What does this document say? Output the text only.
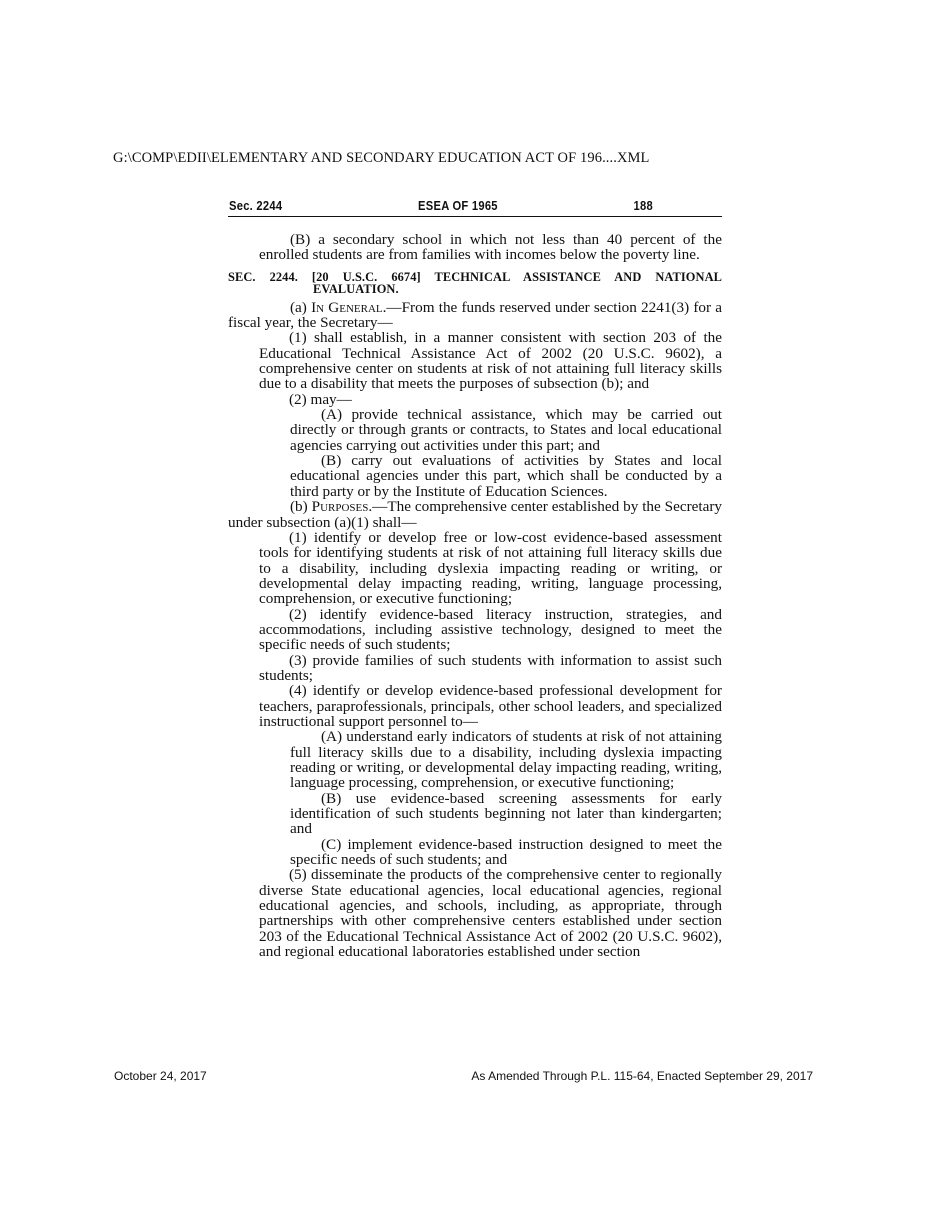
G:\COMP\EDII\ELEMENTARY AND SECONDARY EDUCATION ACT OF 196....XML
Sec. 2244	ESEA OF 1965	188

(B) a secondary school in which not less than 40 percent of the enrolled students are from families with incomes below the poverty line.

SEC. 2244. [20 U.S.C. 6674] TECHNICAL ASSISTANCE AND NATIONAL EVALUATION.

(a) In General.—From the funds reserved under section 2241(3) for a fiscal year, the Secretary—

(1) shall establish, in a manner consistent with section 203 of the Educational Technical Assistance Act of 2002 (20 U.S.C. 9602), a comprehensive center on students at risk of not attaining full literacy skills due to a disability that meets the purposes of subsection (b); and

(2) may—

(A) provide technical assistance, which may be carried out directly or through grants or contracts, to States and local educational agencies carrying out activities under this part; and

(B) carry out evaluations of activities by States and local educational agencies under this part, which shall be conducted by a third party or by the Institute of Education Sciences.

(b) Purposes.—The comprehensive center established by the Secretary under subsection (a)(1) shall—

(1) identify or develop free or low-cost evidence-based assessment tools for identifying students at risk of not attaining full literacy skills due to a disability, including dyslexia impacting reading or writing, or developmental delay impacting reading, writing, language processing, comprehension, or executive functioning;

(2) identify evidence-based literacy instruction, strategies, and accommodations, including assistive technology, designed to meet the specific needs of such students;

(3) provide families of such students with information to assist such students;

(4) identify or develop evidence-based professional development for teachers, paraprofessionals, principals, other school leaders, and specialized instructional support personnel to—

(A) understand early indicators of students at risk of not attaining full literacy skills due to a disability, including dyslexia impacting reading or writing, or developmental delay impacting reading, writing, language processing, comprehension, or executive functioning;

(B) use evidence-based screening assessments for early identification of such students beginning not later than kindergarten; and

(C) implement evidence-based instruction designed to meet the specific needs of such students; and

(5) disseminate the products of the comprehensive center to regionally diverse State educational agencies, local educational agencies, regional educational agencies, and schools, including, as appropriate, through partnerships with other comprehensive centers established under section 203 of the Educational Technical Assistance Act of 2002 (20 U.S.C. 9602), and regional educational laboratories established under section

October 24, 2017	As Amended Through P.L. 115-64, Enacted September 29, 2017
